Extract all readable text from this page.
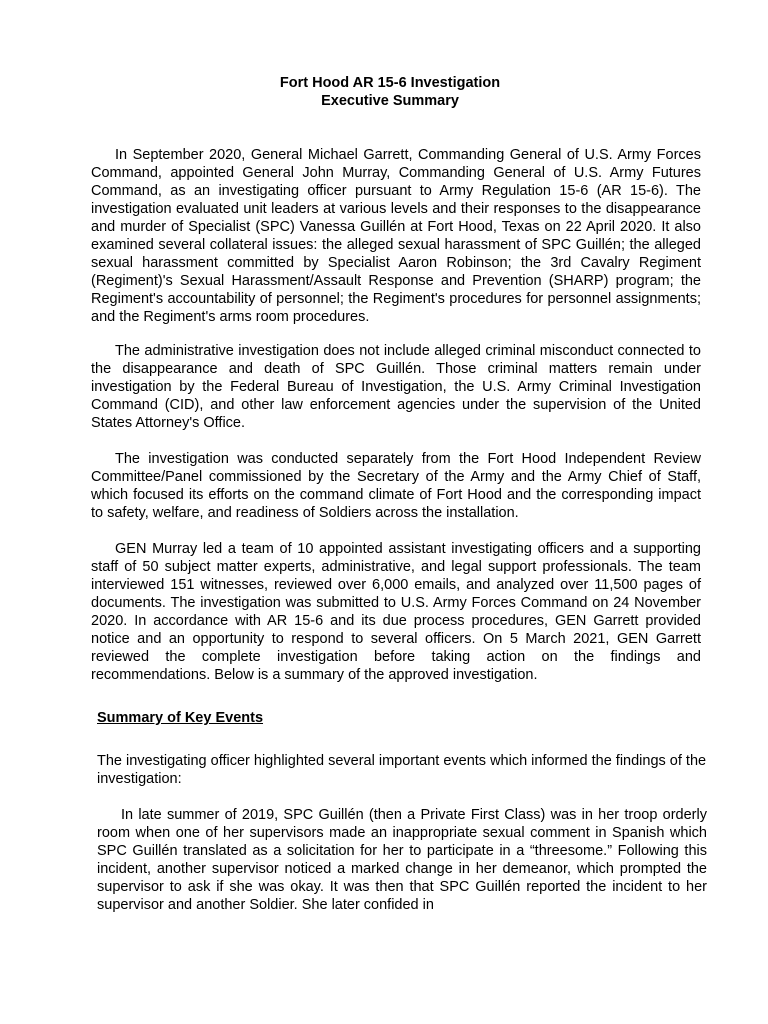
Fort Hood AR 15-6 Investigation
Executive Summary

In September 2020, General Michael Garrett, Commanding General of U.S. Army Forces Command, appointed General John Murray, Commanding General of U.S. Army Futures Command, as an investigating officer pursuant to Army Regulation 15-6 (AR 15-6). The investigation evaluated unit leaders at various levels and their responses to the disappearance and murder of Specialist (SPC) Vanessa Guillén at Fort Hood, Texas on 22 April 2020. It also examined several collateral issues: the alleged sexual harassment of SPC Guillén; the alleged sexual harassment committed by Specialist Aaron Robinson; the 3rd Cavalry Regiment (Regiment)'s Sexual Harassment/Assault Response and Prevention (SHARP) program; the Regiment's accountability of personnel; the Regiment's procedures for personnel assignments; and the Regiment's arms room procedures.

The administrative investigation does not include alleged criminal misconduct connected to the disappearance and death of SPC Guillén. Those criminal matters remain under investigation by the Federal Bureau of Investigation, the U.S. Army Criminal Investigation Command (CID), and other law enforcement agencies under the supervision of the United States Attorney's Office.

The investigation was conducted separately from the Fort Hood Independent Review Committee/Panel commissioned by the Secretary of the Army and the Army Chief of Staff, which focused its efforts on the command climate of Fort Hood and the corresponding impact to safety, welfare, and readiness of Soldiers across the installation.

GEN Murray led a team of 10 appointed assistant investigating officers and a supporting staff of 50 subject matter experts, administrative, and legal support professionals. The team interviewed 151 witnesses, reviewed over 6,000 emails, and analyzed over 11,500 pages of documents. The investigation was submitted to U.S. Army Forces Command on 24 November 2020. In accordance with AR 15-6 and its due process procedures, GEN Garrett provided notice and an opportunity to respond to several officers. On 5 March 2021, GEN Garrett reviewed the complete investigation before taking action on the findings and recommendations. Below is a summary of the approved investigation.

Summary of Key Events

The investigating officer highlighted several important events which informed the findings of the investigation:

In late summer of 2019, SPC Guillén (then a Private First Class) was in her troop orderly room when one of her supervisors made an inappropriate sexual comment in Spanish which SPC Guillén translated as a solicitation for her to participate in a “threesome.” Following this incident, another supervisor noticed a marked change in her demeanor, which prompted the supervisor to ask if she was okay. It was then that SPC Guillén reported the incident to her supervisor and another Soldier. She later confided in
